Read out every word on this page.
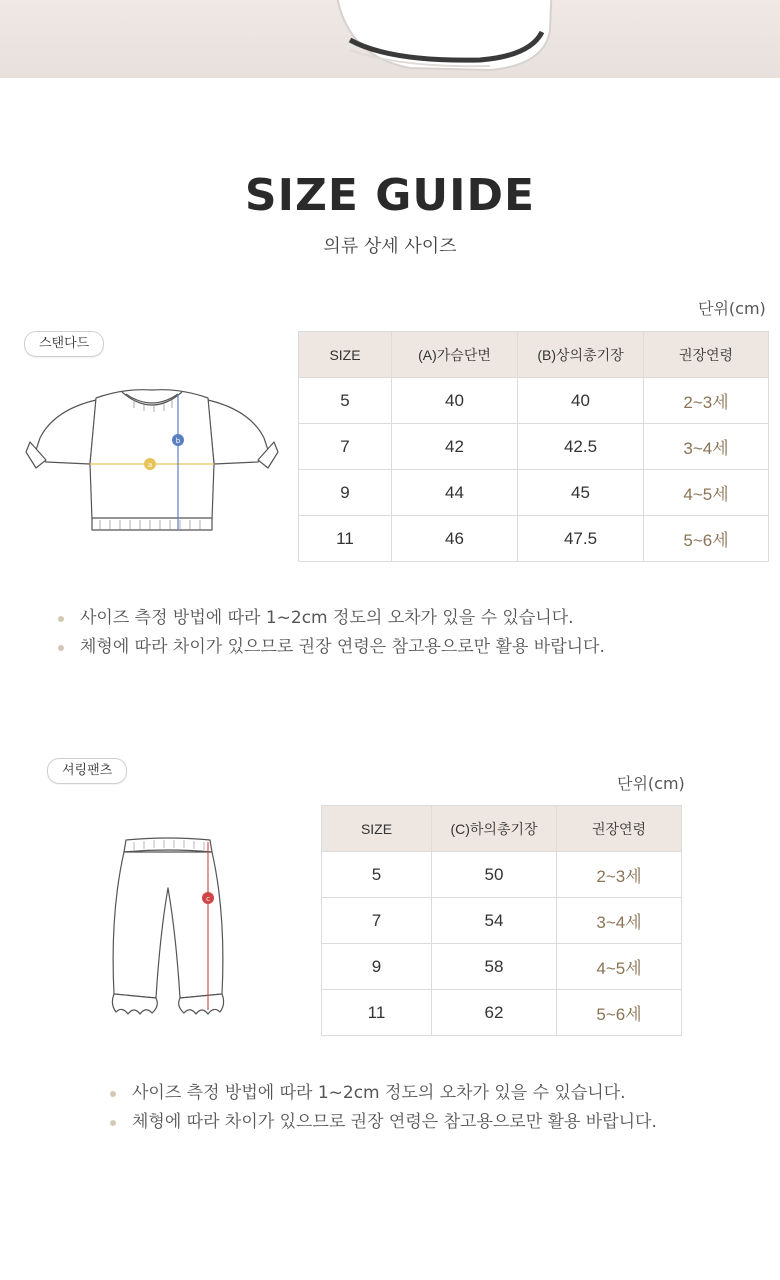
SIZE GUIDE
의류 상세 사이즈
단위(cm)
스탠다드
a
b
SIZE	(A)가슴단면	(B)상의총기장	권장연령
5	40	40	2~3세
7	42	42.5	3~4세
9	44	45	4~5세
11	46	47.5	5~6세
사이즈 측정 방법에 따라 1~2cm 정도의 오차가 있을 수 있습니다.
체형에 따라 차이가 있으므로 권장 연령은 참고용으로만 활용 바랍니다.
셔링팬츠
단위(cm)
c
SIZE	(C)하의총기장	권장연령
5	50	2~3세
7	54	3~4세
9	58	4~5세
11	62	5~6세
사이즈 측정 방법에 따라 1~2cm 정도의 오차가 있을 수 있습니다.
체형에 따라 차이가 있으므로 권장 연령은 참고용으로만 활용 바랍니다.
